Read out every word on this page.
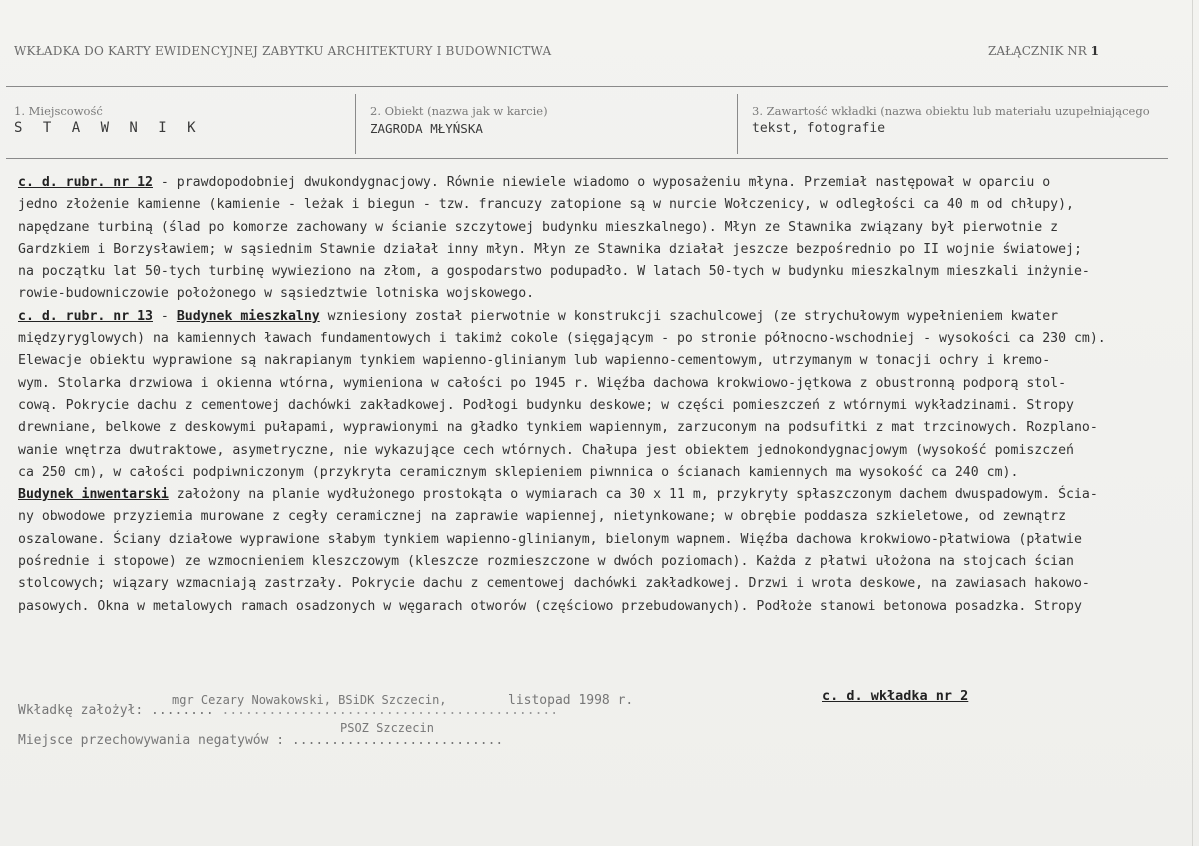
WKŁADKA DO KARTY EWIDENCYJNEJ ZABYTKU ARCHITEKTURY I BUDOWNICTWA	ZAŁĄCZNIK NR 1
1. Miejscowość
S T A W N I K
2. Obiekt (nazwa jak w karcie)
ZAGRODA MŁYŃSKA
3. Zawartość wkładki (nazwa obiektu lub materiału uzupełniającego
tekst, fotografie
c. d. rubr. nr 12 - prawdopodobniej dwukondygnacjowy. Równie niewiele wiadomo o wyposażeniu młyna. Przemiał następował w oparciu o
jedno złożenie kamienne (kamienie - leżak i biegun - tzw. francuzy zatopione są w nurcie Wołczenicy, w odległości ca 40 m od chłupy),
napędzane turbiną (ślad po komorze zachowany w ścianie szczytowej budynku mieszkalnego). Młyn ze Stawnika związany był pierwotnie z
Gardzkiem i Borzysławiem; w sąsiednim Stawnie działał inny młyn. Młyn ze Stawnika działał jeszcze bezpośrednio po II wojnie światowej;
na początku lat 50-tych turbinę wywieziono na złom, a gospodarstwo podupadło. W latach 50-tych w budynku mieszkalnym mieszkali inżynie-
rowie-budowniczowie położonego w sąsiedztwie lotniska wojskowego.
c. d. rubr. nr 13 - Budynek mieszkalny wzniesiony został pierwotnie w konstrukcji szachulcowej (ze strychułowym wypełnieniem kwater
międzyryglowych) na kamiennych ławach fundamentowych i takimż cokole (sięgającym - po stronie północno-wschodniej - wysokości ca 230 cm).
Elewacje obiektu wyprawione są nakrapianym tynkiem wapienno-glinianym lub wapienno-cementowym, utrzymanym w tonacji ochry i kremo-
wym. Stolarka drzwiowa i okienna wtórna, wymieniona w całości po 1945 r. Więźba dachowa krokwiowo-jętkowa z obustronną podporą stol-
cową. Pokrycie dachu z cementowej dachówki zakładkowej. Podłogi budynku deskowe; w części pomieszczeń z wtórnymi wykładzinami. Stropy
drewniane, belkowe z deskowymi pułapami, wyprawionymi na gładko tynkiem wapiennym, zarzuconym na podsufitki z mat trzcinowych. Rozplano-
wanie wnętrza dwutraktowe, asymetryczne, nie wykazujące cech wtórnych. Chałupa jest obiektem jednokondygnacjowym (wysokość pomiszczeń
ca 250 cm), w całości podpiwniczonym (przykryta ceramicznym sklepieniem piwnnica o ścianach kamiennych ma wysokość ca 240 cm).
Budynek inwentarski założony na planie wydłużonego prostokąta o wymiarach ca 30 x 11 m, przykryty spłaszczonym dachem dwuspadowym. Ścia-
ny obwodowe przyziemia murowane z cegły ceramicznej na zaprawie wapiennej, nietynkowane; w obrębie poddasza szkieletowe, od zewnątrz
oszalowane. Ściany działowe wyprawione słabym tynkiem wapienno-glinianym, bielonym wapnem. Więźba dachowa krokwiowo-płatwiowa (płatwie
pośrednie i stopowe) ze wzmocnieniem kleszczowym (kleszcze rozmieszczone w dwóch poziomach). Każda z płatwi ułożona na stojcach ścian
stolcowych; wiązary wzmacniają zastrzały. Pokrycie dachu z cementowej dachówki zakładkowej. Drzwi i wrota deskowe, na zawiasach hakowo-
pasowych. Okna w metalowych ramach osadzonych w węgarach otworów (częściowo przebudowanych). Podłoże stanowi betonowa posadzka. Stropy
c. d. wkładka nr 2
Wkładkę założył: ........
mgr Cezary Nowakowski, BSiDK Szczecin,
...........................................
listopad 1998 r.
Miejsce przechowywania negatywów : ...........................
PSOZ Szczecin
